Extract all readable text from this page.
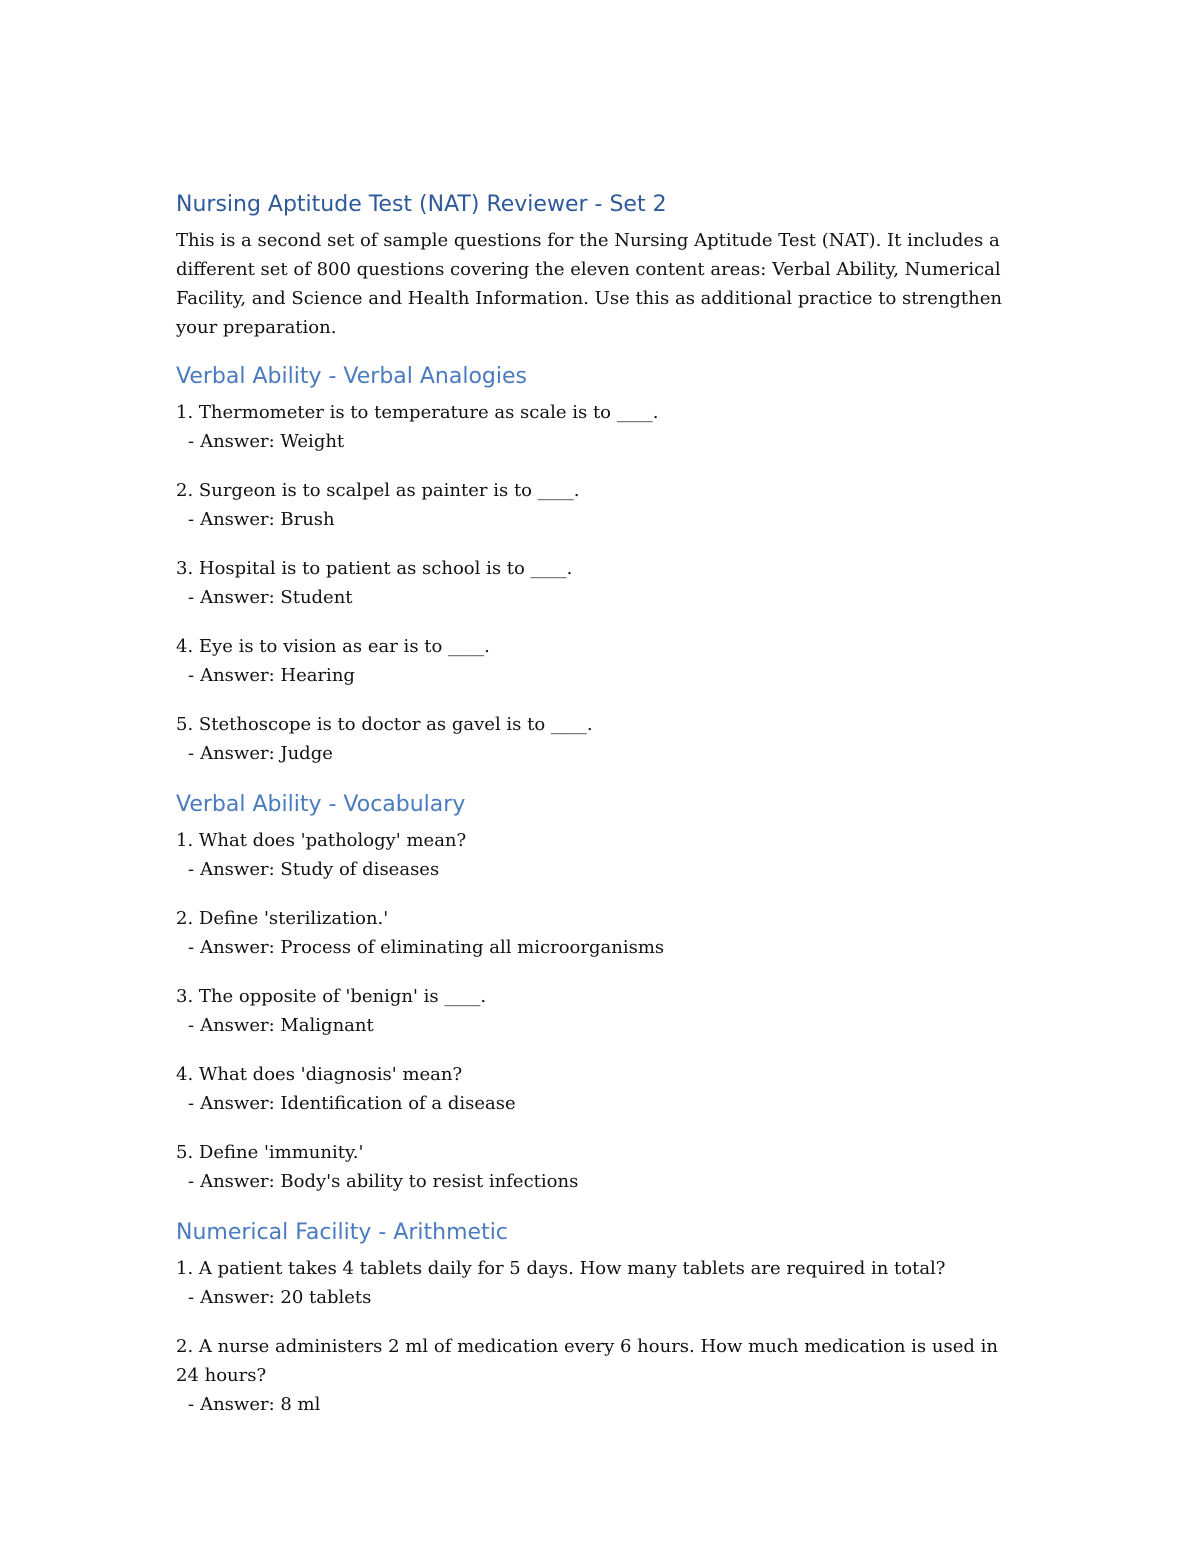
Nursing Aptitude Test (NAT) Reviewer - Set 2

This is a second set of sample questions for the Nursing Aptitude Test (NAT). It includes a different set of 800 questions covering the eleven content areas: Verbal Ability, Numerical Facility, and Science and Health Information. Use this as additional practice to strengthen your preparation.

Verbal Ability - Verbal Analogies
1. Thermometer is to temperature as scale is to ____.
- Answer: Weight
2. Surgeon is to scalpel as painter is to ____.
- Answer: Brush
3. Hospital is to patient as school is to ____.
- Answer: Student
4. Eye is to vision as ear is to ____.
- Answer: Hearing
5. Stethoscope is to doctor as gavel is to ____.
- Answer: Judge
Verbal Ability - Vocabulary
1. What does 'pathology' mean?
- Answer: Study of diseases
2. Define 'sterilization.'
- Answer: Process of eliminating all microorganisms
3. The opposite of 'benign' is ____.
- Answer: Malignant
4. What does 'diagnosis' mean?
- Answer: Identification of a disease
5. Define 'immunity.'
- Answer: Body's ability to resist infections
Numerical Facility - Arithmetic
1. A patient takes 4 tablets daily for 5 days. How many tablets are required in total?
- Answer: 20 tablets
2. A nurse administers 2 ml of medication every 6 hours. How much medication is used in 24 hours?
- Answer: 8 ml
